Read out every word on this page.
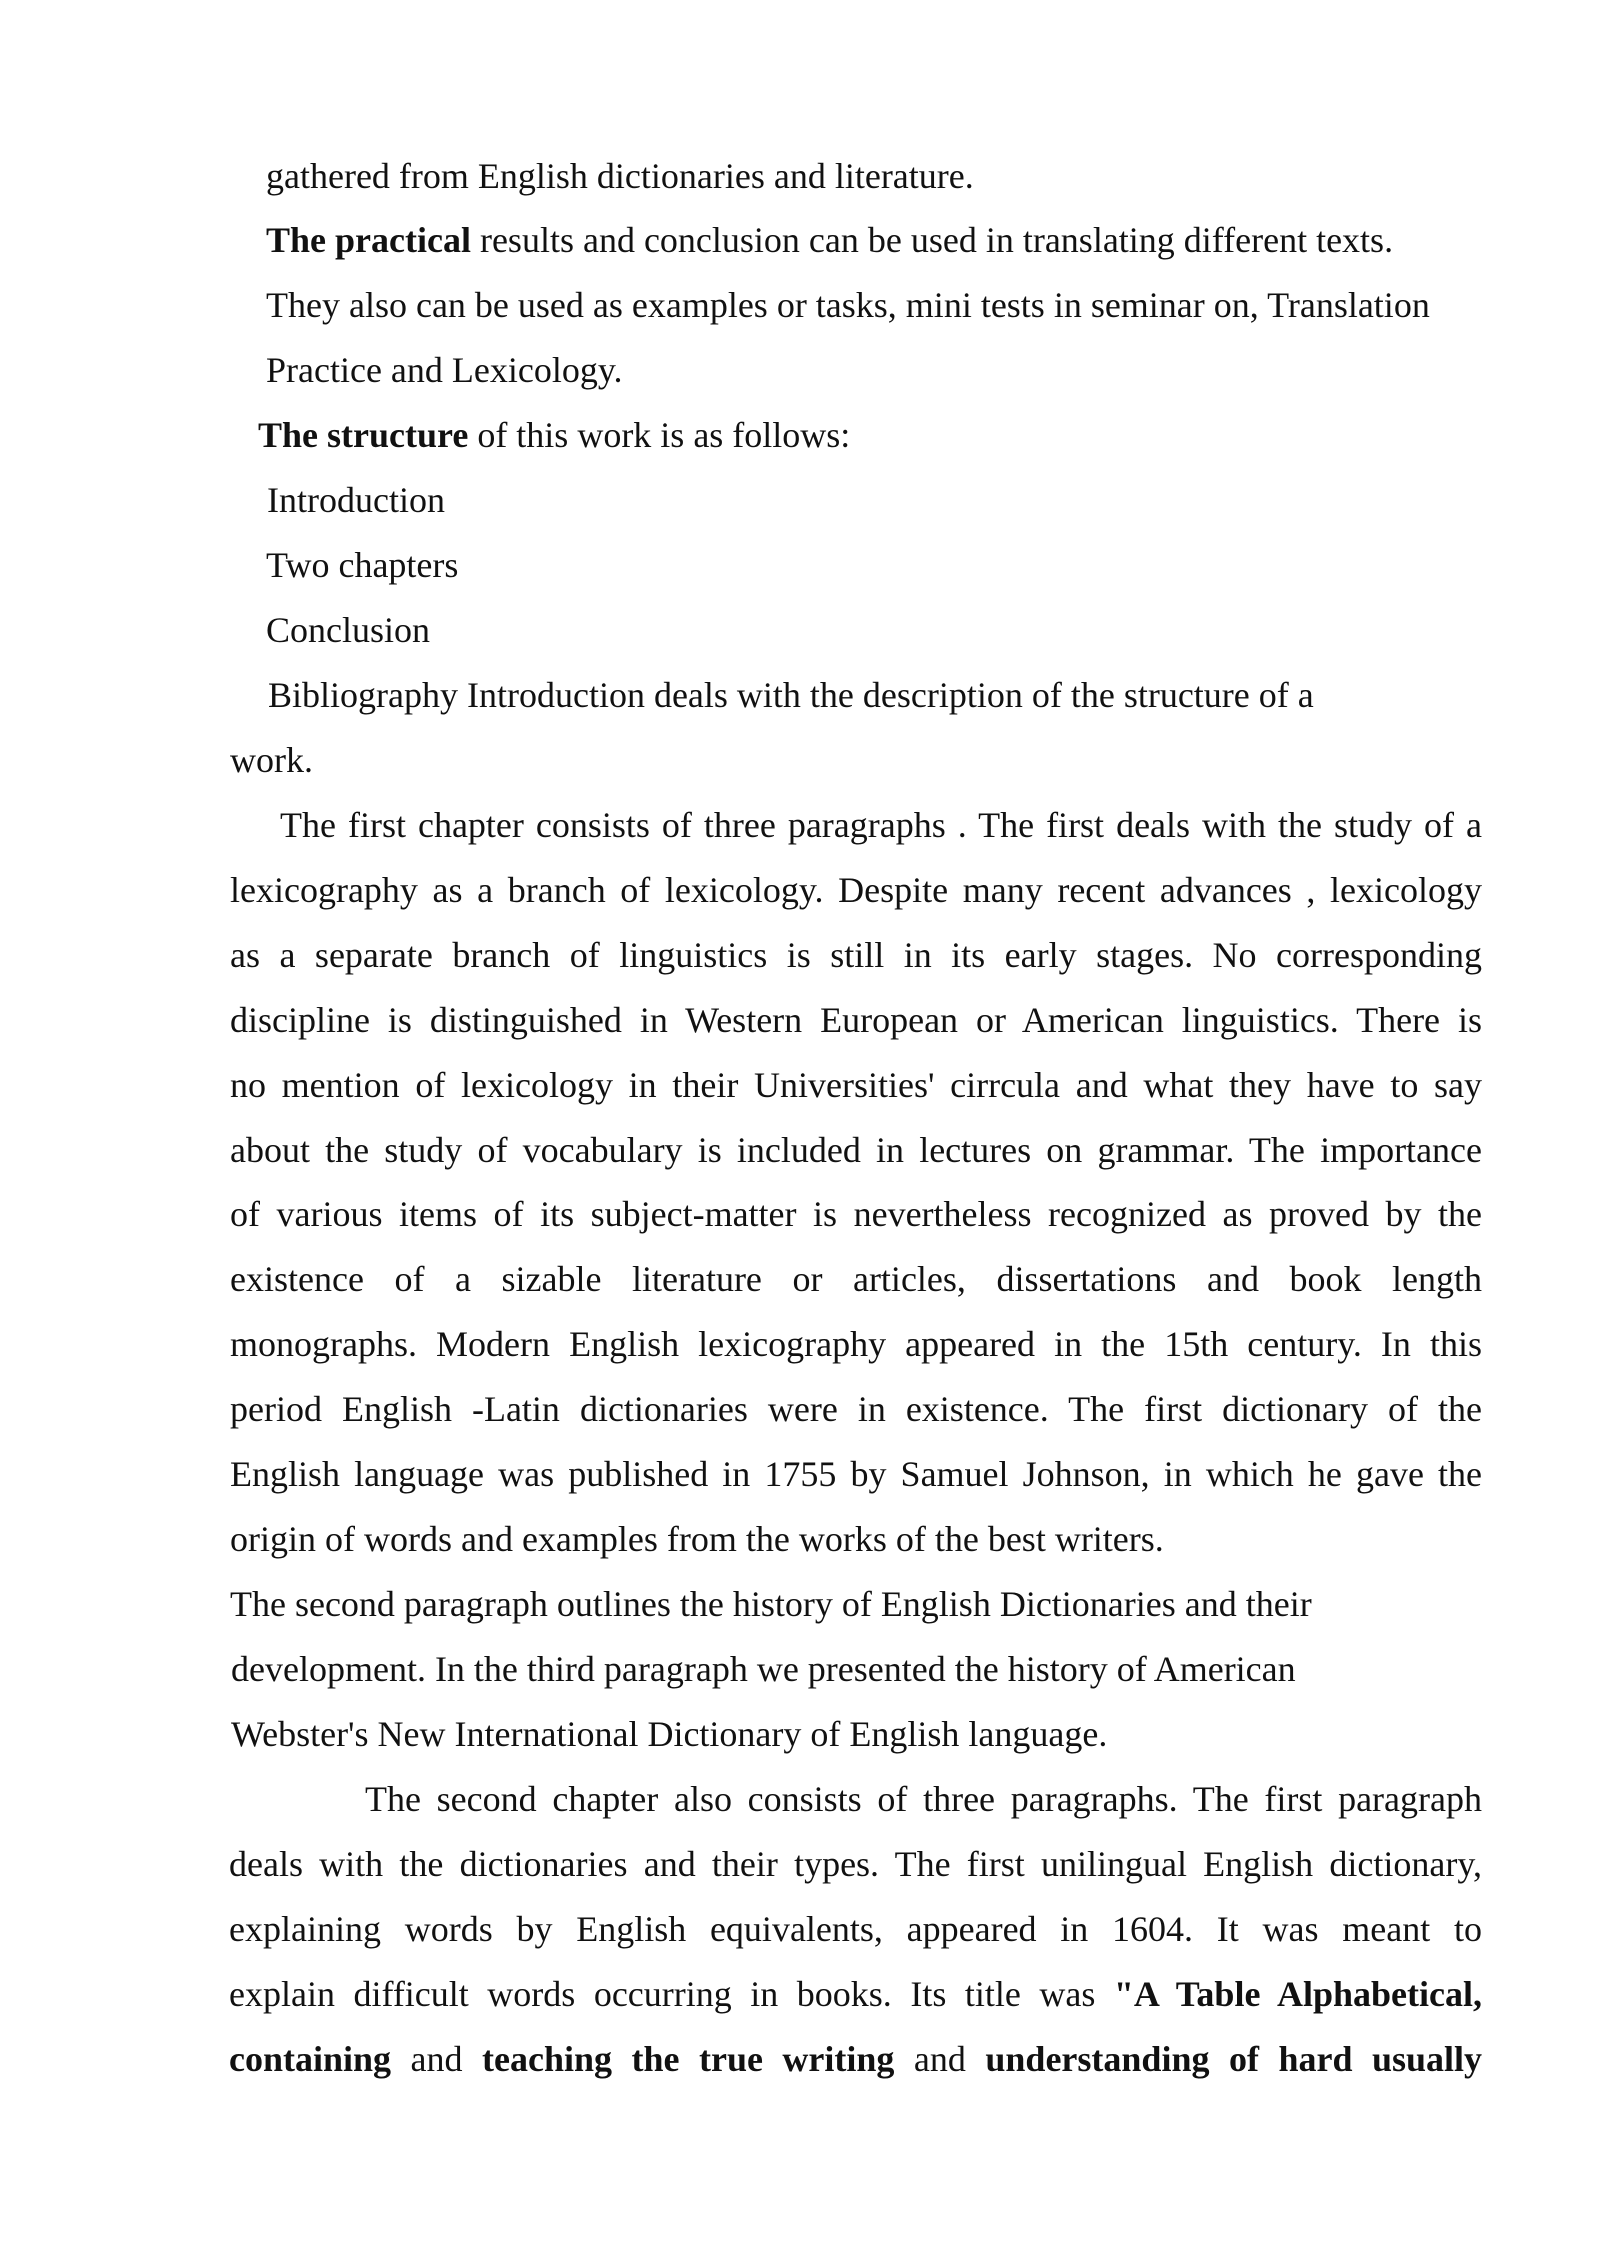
gathered from English dictionaries and literature.

The practical results and conclusion can be used in translating different texts.

They also can be used as examples or tasks, mini tests in seminar on, Translation

Practice and Lexicology.

The structure of this work is as follows:

Introduction

Two chapters

Conclusion

Bibliography Introduction deals with the description of the structure of a

work.

The first chapter consists of three paragraphs . The first deals with the study of a

lexicography as a branch of lexicology. Despite many recent advances , lexicology

as a separate branch of linguistics is still in its early stages. No corresponding

discipline is distinguished in Western European or American linguistics. There is

no mention of lexicology in their Universities' cirrcula and what they have to say

about the study of vocabulary is included in lectures on grammar. The importance

of various items of its subject-matter is nevertheless recognized as proved by the

existence of a sizable literature or articles, dissertations and book length

monographs. Modern English lexicography appeared in the 15th century. In this

period English -Latin dictionaries were in existence. The first dictionary of the

English language was published in 1755 by Samuel Johnson, in which he gave the

origin of words and examples from the works of the best writers.

The second paragraph outlines the history of English Dictionaries and their

development. In the third paragraph we presented the history of American

Webster's New International Dictionary of English language.

The second chapter also consists of three paragraphs. The first paragraph

deals with the dictionaries and their types. The first unilingual English dictionary,

explaining words by English equivalents, appeared in 1604. It was meant to

explain difficult words occurring in books. Its title was "A Table Alphabetical,

containing and teaching the true writing and understanding of hard usually
